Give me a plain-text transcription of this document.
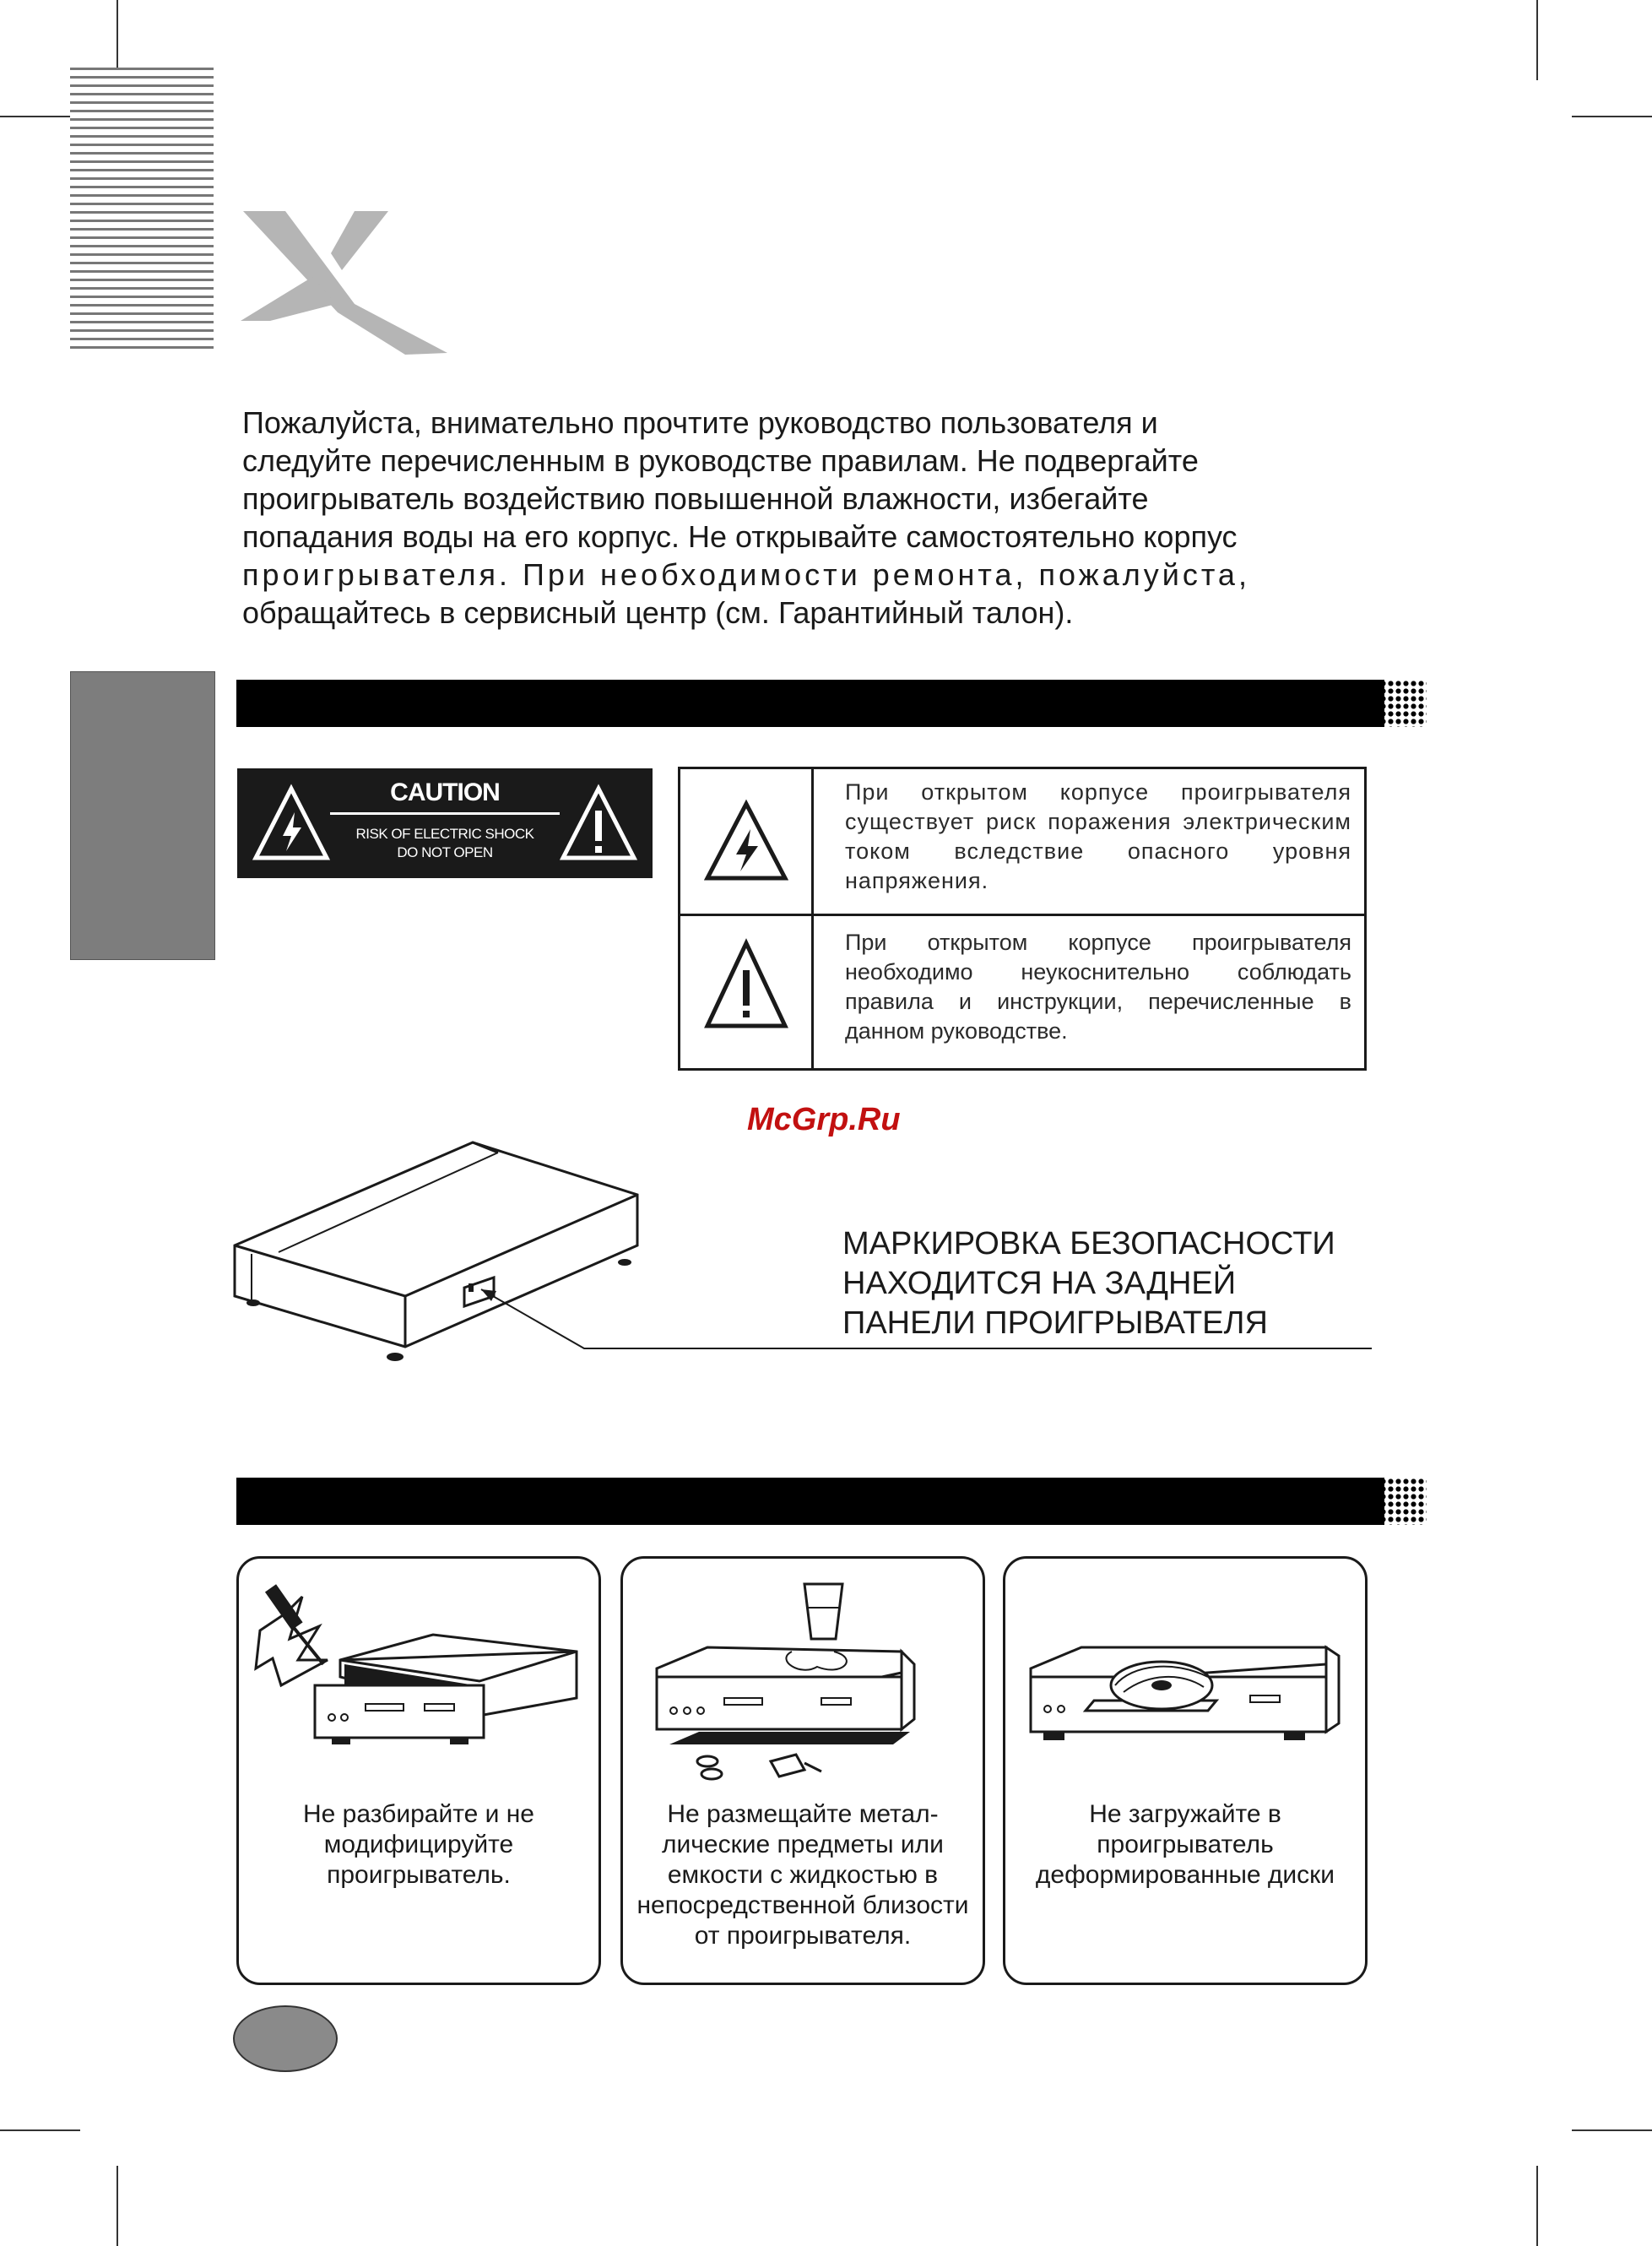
Пожалуйста, внимательно прочтите руководство пользователя и

следуйте перечисленным в руководстве правилам. Не подвергайте

проигрыватель воздействию повышенной влажности, избегайте

попадания воды на его корпус. Не открывайте самостоятельно корпус

проигрывателя. При необходимости ремонта, пожалуйста,

обращайтесь в сервисный центр (см. Гарантийный талон).

CAUTION
RISK OF ELECTRIC SHOCK
DO NOT OPEN
При открытом корпусе проигрывателя существует риск поражения электрическим током вследствие опасного уровня напряжения.
При открытом корпусе проигрывателя необходимо неукоснительно соблюдать правила и инструкции, перечисленные в данном руководстве.
McGrp.Ru
МАРКИРОВКА БЕЗОПАСНОСТИ
НАХОДИТСЯ НА ЗАДНЕЙ
ПАНЕЛИ ПРОИГРЫВАТЕЛЯ
Не разбирайте и не модифицируйте проигрыватель.
Не размещайте метал-лические предметы или емкости с жидкостью в непосредственной близости от проигрывателя.
Не загружайте в проигрыватель деформированные диски
